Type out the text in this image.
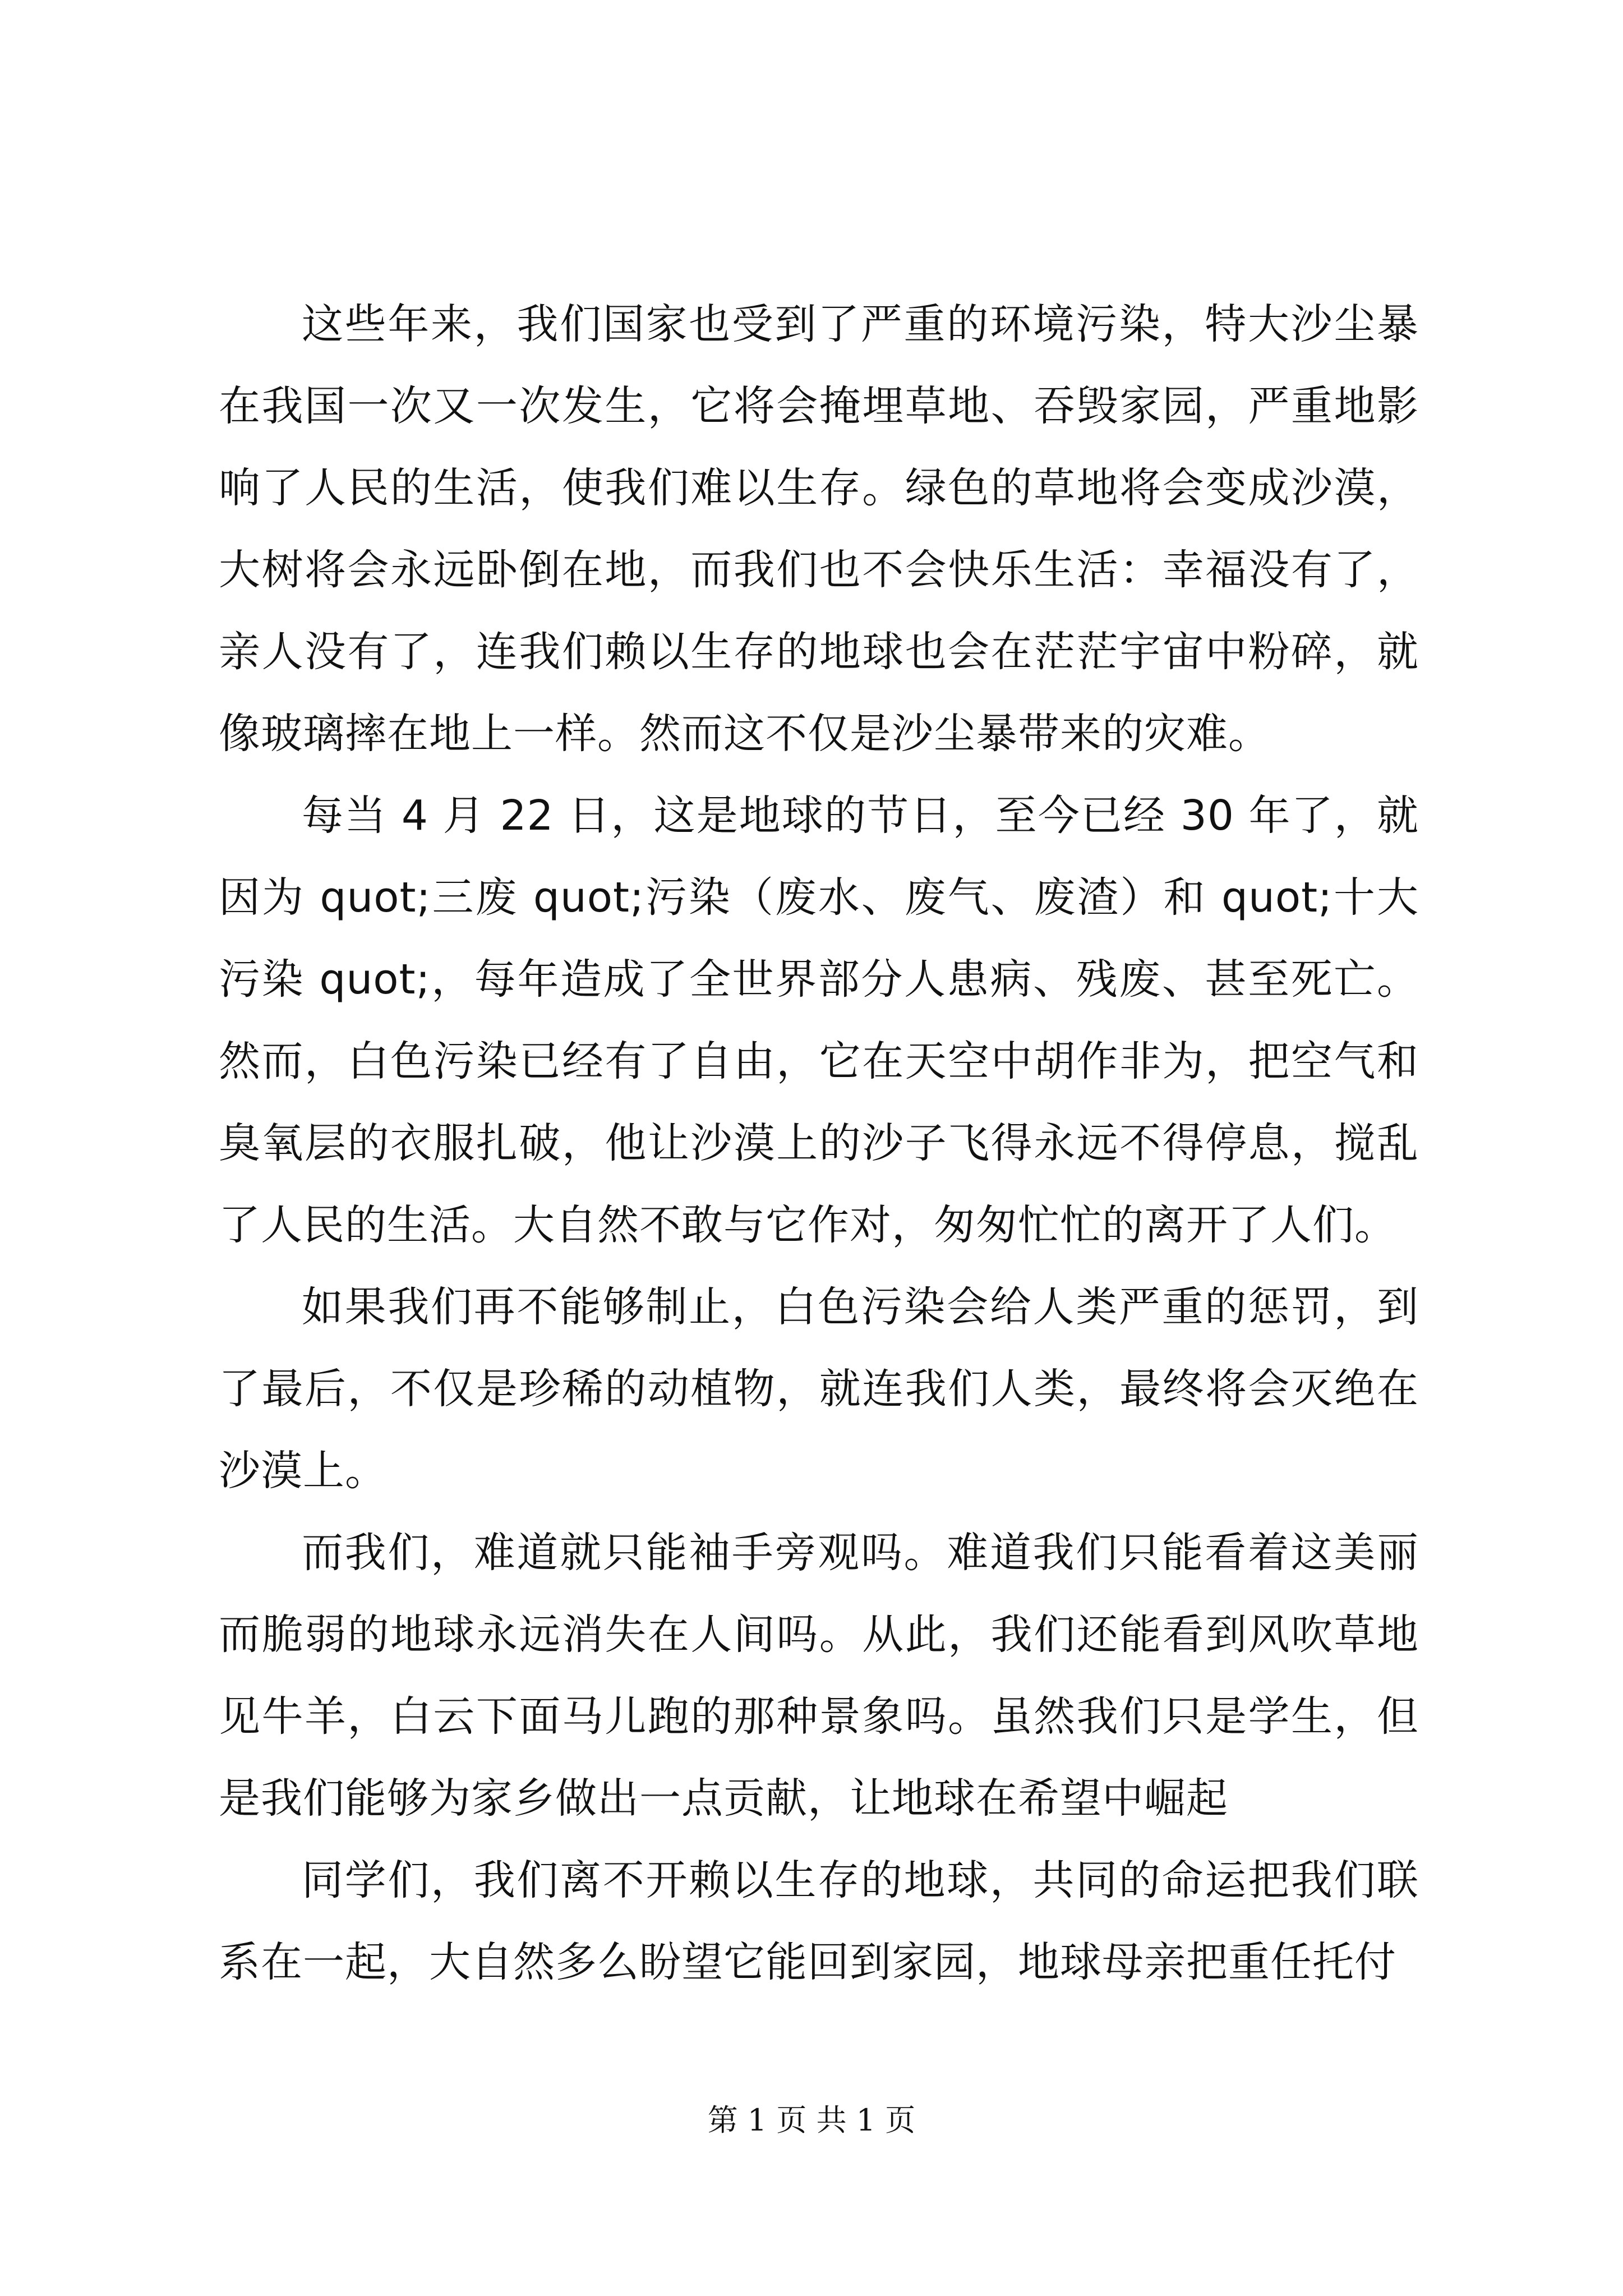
这些年来，我们国家也受到了严重的环境污染，特大沙尘暴在我国一次又一次发生，它将会掩埋草地、吞毁家园，严重地影响了人民的生活，使我们难以生存。绿色的草地将会变成沙漠，大树将会永远卧倒在地，而我们也不会快乐生活：幸福没有了，亲人没有了，连我们赖以生存的地球也会在茫茫宇宙中粉碎，就像玻璃摔在地上一样。然而这不仅是沙尘暴带来的灾难。

每当 4 月 22 日，这是地球的节日，至今已经 30 年了，就因为 quot;三废 quot;污染（废水、废气、废渣）和 quot;十大污染 quot;，每年造成了全世界部分人患病、残废、甚至死亡。然而，白色污染已经有了自由，它在天空中胡作非为，把空气和臭氧层的衣服扎破，他让沙漠上的沙子飞得永远不得停息，搅乱了人民的生活。大自然不敢与它作对，匆匆忙忙的离开了人们。

如果我们再不能够制止，白色污染会给人类严重的惩罚，到了最后，不仅是珍稀的动植物，就连我们人类，最终将会灭绝在沙漠上。

而我们，难道就只能袖手旁观吗。难道我们只能看着这美丽而脆弱的地球永远消失在人间吗。从此，我们还能看到风吹草地见牛羊，白云下面马儿跑的那种景象吗。虽然我们只是学生，但是我们能够为家乡做出一点贡献，让地球在希望中崛起

同学们，我们离不开赖以生存的地球，共同的命运把我们联系在一起，大自然多么盼望它能回到家园，地球母亲把重任托付

第 1 页 共 1 页
